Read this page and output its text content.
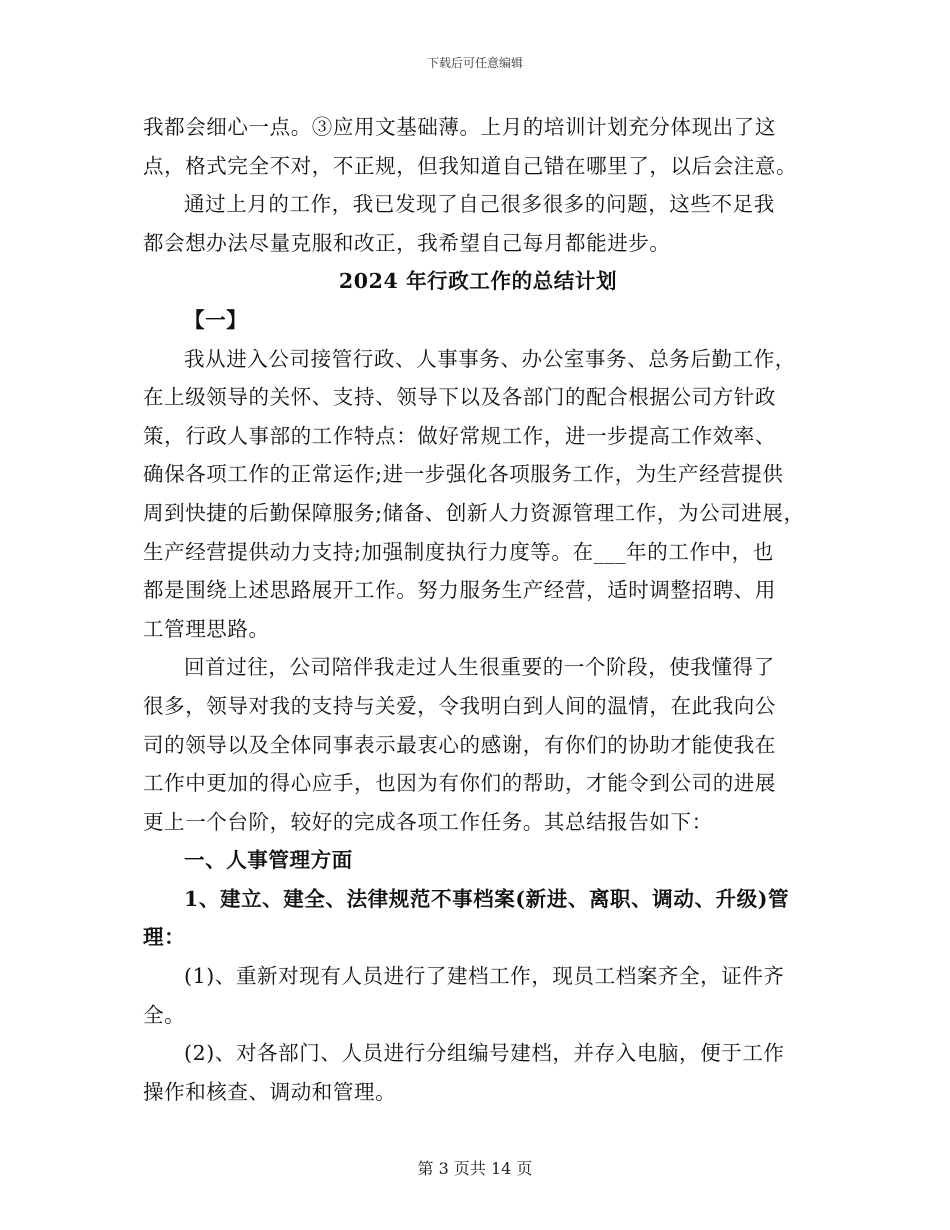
下载后可任意编辑
我都会细心一点。③应用文基础薄。上月的培训计划充分体现出了这
点，格式完全不对，不正规，但我知道自己错在哪里了，以后会注意。
通过上月的工作，我已发现了自己很多很多的问题，这些不足我
都会想办法尽量克服和改正，我希望自己每月都能进步。
2024 年行政工作的总结计划
【一】
我从进入公司接管行政、人事事务、办公室事务、总务后勤工作，
在上级领导的关怀、支持、领导下以及各部门的配合根据公司方针政
策，行政人事部的工作特点：做好常规工作，进一步提高工作效率、
确保各项工作的正常运作;进一步强化各项服务工作，为生产经营提供
周到快捷的后勤保障服务;储备、创新人力资源管理工作，为公司进展，
生产经营提供动力支持;加强制度执行力度等。在___年的工作中，也
都是围绕上述思路展开工作。努力服务生产经营，适时调整招聘、用
工管理思路。
回首过往，公司陪伴我走过人生很重要的一个阶段，使我懂得了
很多，领导对我的支持与关爱，令我明白到人间的温情，在此我向公
司的领导以及全体同事表示最衷心的感谢，有你们的协助才能使我在
工作中更加的得心应手，也因为有你们的帮助，才能令到公司的进展
更上一个台阶，较好的完成各项工作任务。其总结报告如下：
一、人事管理方面
1、建立、建全、法律规范不事档案(新进、离职、调动、升级)管
理：
(1)、重新对现有人员进行了建档工作，现员工档案齐全，证件齐
全。
(2)、对各部门、人员进行分组编号建档，并存入电脑，便于工作
操作和核查、调动和管理。
第 3 页共 14 页
